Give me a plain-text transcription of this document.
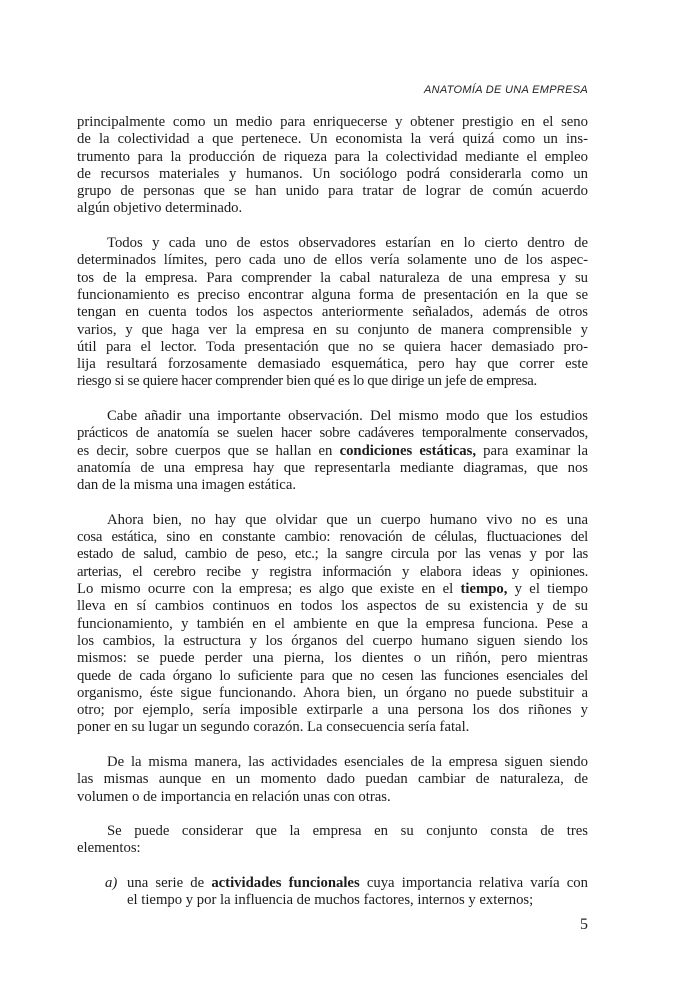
ANATOMÍA DE UNA EMPRESA
principalmente como un medio para enriquecerse y obtener prestigio en el seno
de la colectividad a que pertenece. Un economista la verá quizá como un ins-
trumento para la producción de riqueza para la colectividad mediante el empleo
de recursos materiales y humanos. Un sociólogo podrá considerarla como un
grupo de personas que se han unido para tratar de lograr de común acuerdo
algún objetivo determinado.
Todos y cada uno de estos observadores estarían en lo cierto dentro de
determinados límites, pero cada uno de ellos vería solamente uno de los aspec-
tos de la empresa. Para comprender la cabal naturaleza de una empresa y su
funcionamiento es preciso encontrar alguna forma de presentación en la que se
tengan en cuenta todos los aspectos anteriormente señalados, además de otros
varios, y que haga ver la empresa en su conjunto de manera comprensible y
útil para el lector. Toda presentación que no se quiera hacer demasiado pro-
lija resultará forzosamente demasiado esquemática, pero hay que correr este
riesgo si se quiere hacer comprender bien qué es lo que dirige un jefe de empresa.
Cabe añadir una importante observación. Del mismo modo que los estudios
prácticos de anatomía se suelen hacer sobre cadáveres temporalmente conservados,
es decir, sobre cuerpos que se hallan en condiciones estáticas, para examinar la
anatomía de una empresa hay que representarla mediante diagramas, que nos
dan de la misma una imagen estática.
Ahora bien, no hay que olvidar que un cuerpo humano vivo no es una
cosa estática, sino en constante cambio: renovación de células, fluctuaciones del
estado de salud, cambio de peso, etc.; la sangre circula por las venas y por las
arterias, el cerebro recibe y registra información y elabora ideas y opiniones.
Lo mismo ocurre con la empresa; es algo que existe en el tiempo, y el tiempo
lleva en sí cambios continuos en todos los aspectos de su existencia y de su
funcionamiento, y también en el ambiente en que la empresa funciona. Pese a
los cambios, la estructura y los órganos del cuerpo humano siguen siendo los
mismos: se puede perder una pierna, los dientes o un riñón, pero mientras
quede de cada órgano lo suficiente para que no cesen las funciones esenciales del
organismo, éste sigue funcionando. Ahora bien, un órgano no puede substituir a
otro; por ejemplo, sería imposible extirparle a una persona los dos riñones y
poner en su lugar un segundo corazón. La consecuencia sería fatal.
De la misma manera, las actividades esenciales de la empresa siguen siendo
las mismas aunque en un momento dado puedan cambiar de naturaleza, de
volumen o de importancia en relación unas con otras.
Se puede considerar que la empresa en su conjunto consta de tres
elementos:
a) una serie de actividades funcionales cuya importancia relativa varía con
el tiempo y por la influencia de muchos factores, internos y externos;
5
